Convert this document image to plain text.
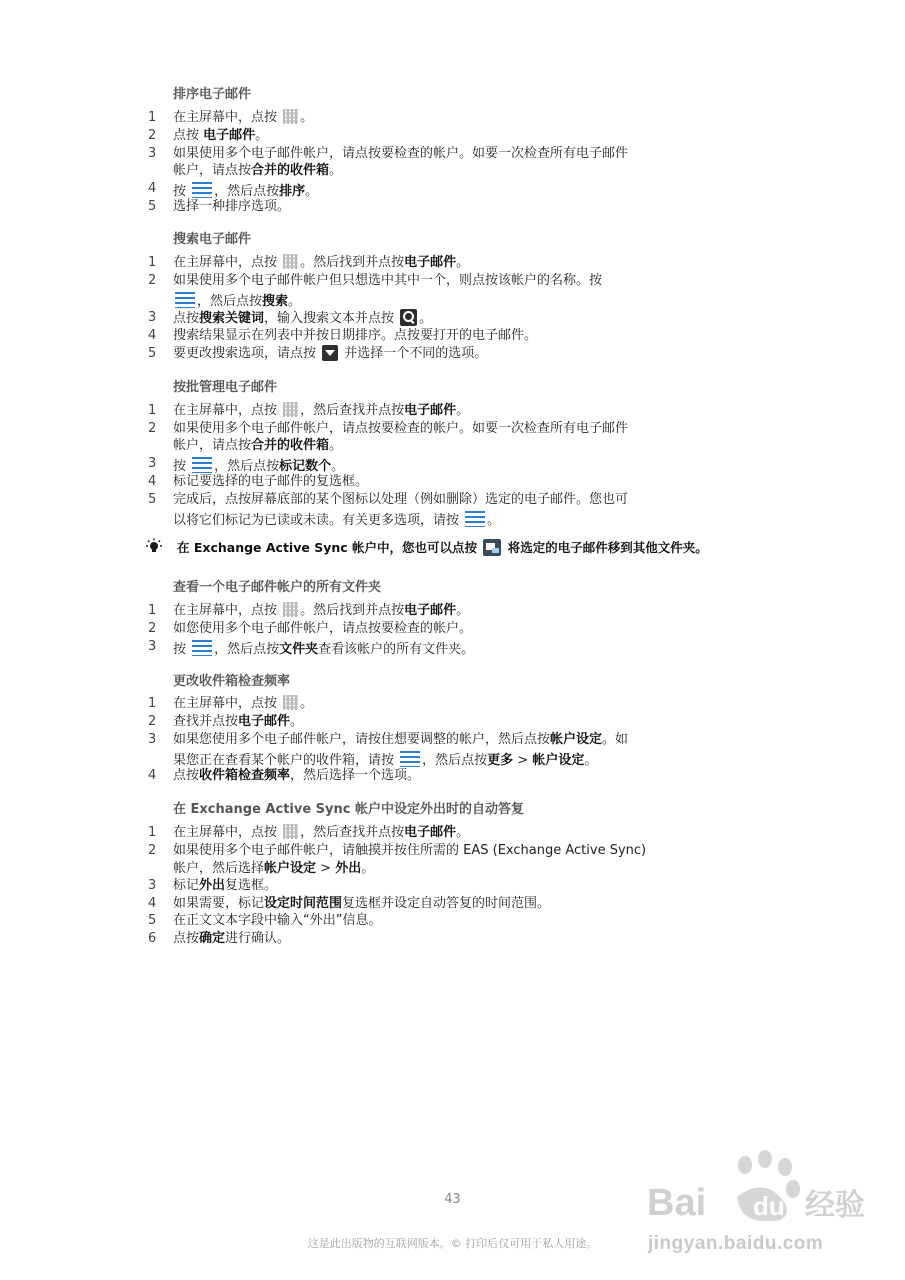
排序电子邮件
1 在主屏幕中，点按 。
2 点按 电子邮件。
3 如果使用多个电子邮件帐户，请点按要检查的帐户。如要一次检查所有电子邮件
帐户，请点按合并的收件箱。
4 按 ，然后点按排序。
5 选择一种排序选项。
搜索电子邮件
1 在主屏幕中，点按 。然后找到并点按电子邮件。
2 如果使用多个电子邮件帐户但只想选中其中一个，则点按该帐户的名称。按
，然后点按搜索。
3 点按搜索关键词，输入搜索文本并点按 。
4 搜索结果显示在列表中并按日期排序。点按要打开的电子邮件。
5 要更改搜索选项，请点按  并选择一个不同的选项。
按批管理电子邮件
1 在主屏幕中，点按 ，然后查找并点按电子邮件。
2 如果使用多个电子邮件帐户，请点按要检查的帐户。如要一次检查所有电子邮件
帐户，请点按合并的收件箱。
3 按 ，然后点按标记数个。
4 标记要选择的电子邮件的复选框。
5 完成后，点按屏幕底部的某个图标以处理（例如删除）选定的电子邮件。您也可
以将它们标记为已读或未读。有关更多选项，请按 。
在 Exchange Active Sync 帐户中，您也可以点按  将选定的电子邮件移到其他文件夹。
查看一个电子邮件帐户的所有文件夹
1 在主屏幕中，点按 。然后找到并点按电子邮件。
2 如您使用多个电子邮件帐户，请点按要检查的帐户。
3 按 ，然后点按文件夹查看该帐户的所有文件夹。
更改收件箱检查频率
1 在主屏幕中，点按 。
2 查找并点按电子邮件。
3 如果您使用多个电子邮件帐户，请按住想要调整的帐户，然后点按帐户设定。如
果您正在查看某个帐户的收件箱，请按 ，然后点按更多 > 帐户设定。
4 点按收件箱检查频率，然后选择一个选项。
在 Exchange Active Sync 帐户中设定外出时的自动答复
1 在主屏幕中，点按 ，然后查找并点按电子邮件。
2 如果使用多个电子邮件帐户，请触摸并按住所需的 EAS (Exchange Active Sync)
帐户，然后选择帐户设定 > 外出。
3 标记外出复选框。
4 如果需要，标记设定时间范围复选框并设定自动答复的时间范围。
5 在正文文本字段中输入“外出”信息。
6 点按确定进行确认。
43
这是此出版物的互联网版本。© 打印后仅可用于私人用途。
Bai du 经验
jingyan.baidu.com
